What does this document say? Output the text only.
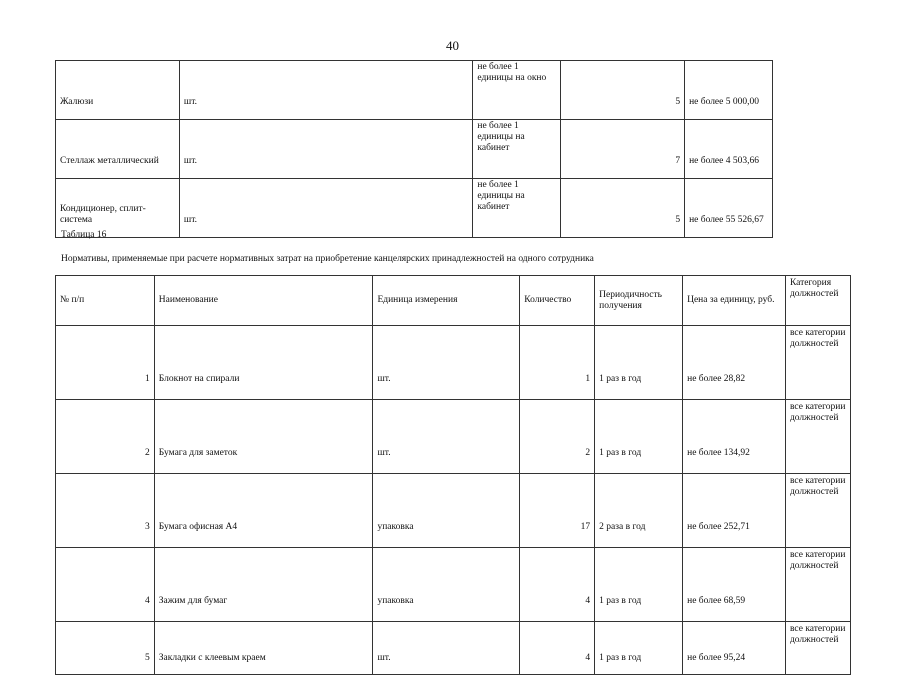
40
Жалюзи	шт.	не более 1 единицы на окно	5	не более 5 000,00
Стеллаж металлический	шт.	не более 1 единицы на кабинет	7	не более 4 503,66
Кондиционер, сплит-система	шт.	не более 1 единицы на кабинет	5	не более 55 526,67
Таблица 16
Нормативы, применяемые при расчете нормативных затрат на приобретение канцелярских принадлежностей на одного сотрудника
№ п/п	Наименование	Единица измерения	Количество	Периодичность получения	Цена за единицу, руб.	Категория должностей
1	Блокнот на спирали	шт.	1	1 раз в год	не более 28,82	все категории должностей
2	Бумага для заметок	шт.	2	1 раз в год	не более 134,92	все категории должностей
3	Бумага офисная А4	упаковка	17	2 раза в год	не более 252,71	все категории должностей
4	Зажим для бумаг	упаковка	4	1 раз в год	не более 68,59	все категории должностей
5	Закладки с клеевым краем	шт.	4	1 раз в год	не более 95,24	все категории должностей
